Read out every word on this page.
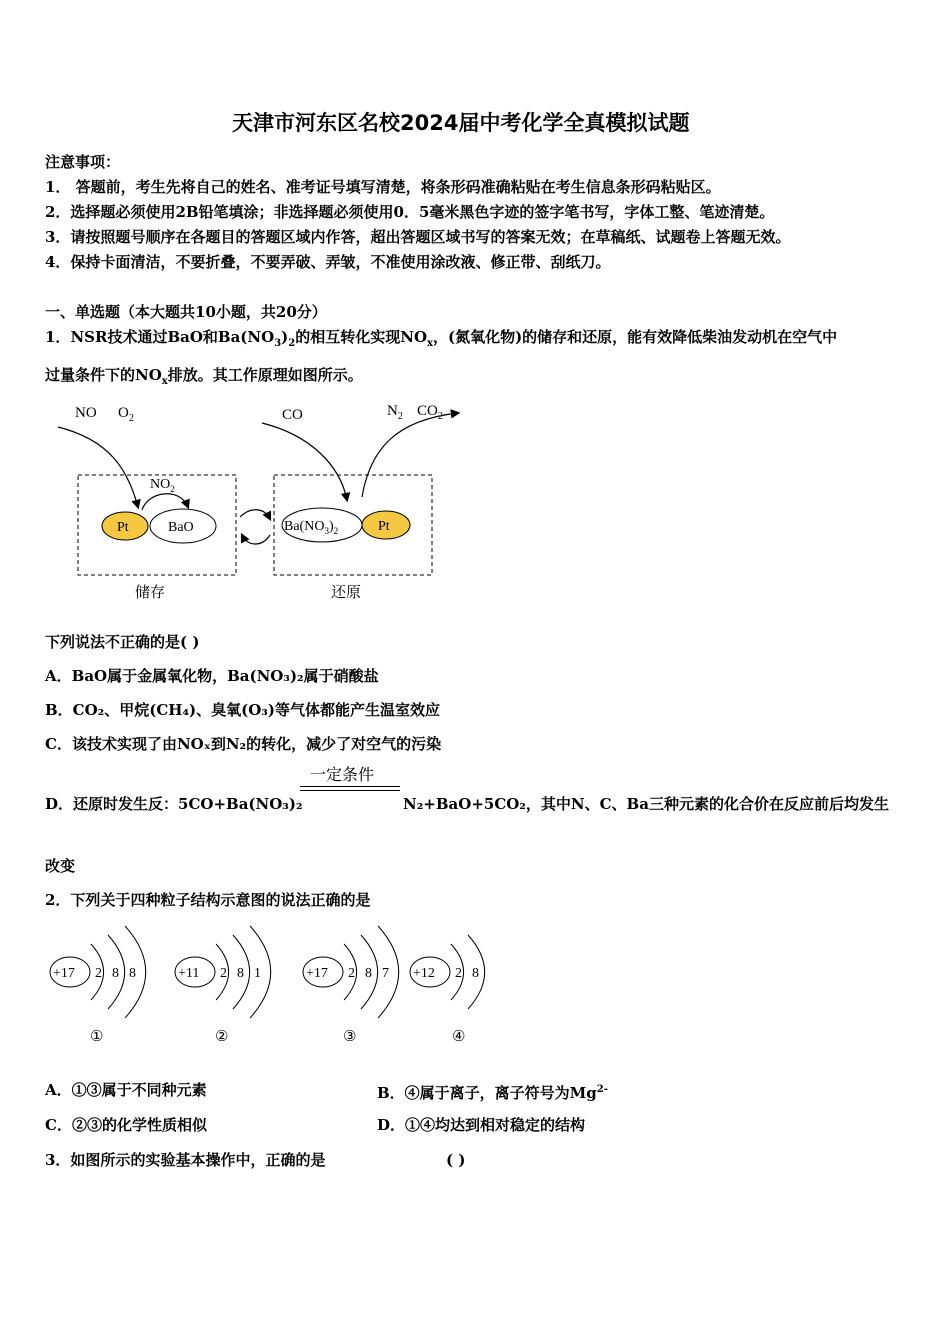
天津市河东区名校2024届中考化学全真模拟试题
注意事项：
1． 答题前，考生先将自己的姓名、准考证号填写清楚，将条形码准确粘贴在考生信息条形码粘贴区。
2．选择题必须使用2B铅笔填涂；非选择题必须使用0．5毫米黑色字迹的签字笔书写，字体工整、笔迹清楚。
3．请按照题号顺序在各题目的答题区域内作答，超出答题区域书写的答案无效；在草稿纸、试题卷上答题无效。
4．保持卡面清洁，不要折叠，不要弄破、弄皱，不准使用涂改液、修正带、刮纸刀。
一、单选题（本大题共10小题，共20分）
1．NSR技术通过BaO和$Ba(NO_3)_2$的相互转化实现$NO_x$，(氮氧化物)的储存和还原，能有效降低柴油发动机在空气中
过量条件下的$NO_x$排放。其工作原理如图所示。
NO $O_2$	CO	$N_2$ $CO_2$
$NO_2$
Pt	BaO	$Ba(NO_3)_2$	Pt
储存	还原
下列说法不正确的是( )
A．BaO属于金属氧化物，Ba(NO₃)₂属于硝酸盐
B．CO₂、甲烷(CH₄)、臭氧(O₃)等气体都能产生温室效应
C．该技术实现了由NOₓ到N₂的转化，减少了对空气的污染
一定条件
D．还原时发生反：5CO+Ba(NO₃)₂	N₂+BaO+5CO₂，其中N、C、Ba三种元素的化合价在反应前后均发生
改变
2．下列关于四种粒子结构示意图的说法正确的是
+17 2 8 8
①
+11 2 8 1
②
+17 2 8 7
③
+12 2 8
④
A．①③属于不同种元素	B．④属于离子，离子符号为$Mg^{2-}$
C．②③的化学性质相似	D．①④均达到相对稳定的结构
3．如图所示的实验基本操作中，正确的是	( )
